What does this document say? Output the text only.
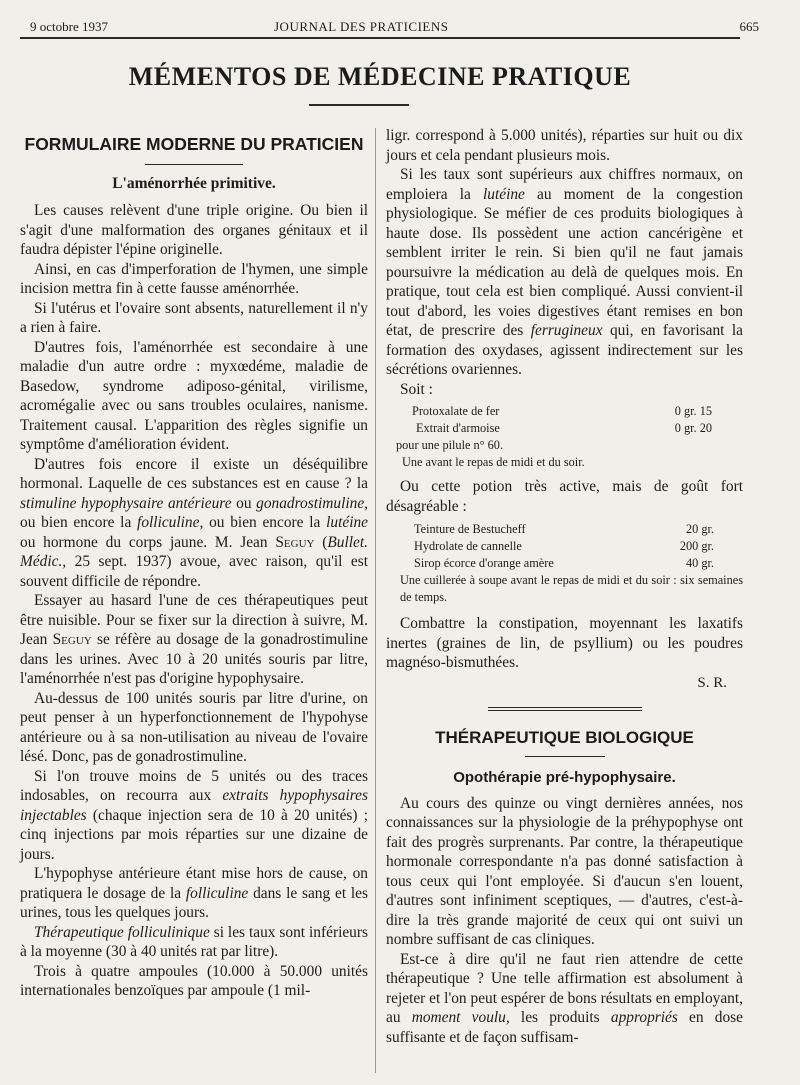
9 octobre 1937	JOURNAL DES PRATICIENS	665
MÉMENTOS DE MÉDECINE PRATIQUE
FORMULAIRE MODERNE DU PRATICIEN
L'aménorrhée primitive.

Les causes relèvent d'une triple origine. Ou bien il s'agit d'une malformation des organes génitaux et il faudra dépister l'épine originelle.

Ainsi, en cas d'imperforation de l'hymen, une simple incision mettra fin à cette fausse aménorrhée.

Si l'utérus et l'ovaire sont absents, naturellement il n'y a rien à faire.

D'autres fois, l'aménorrhée est secondaire à une maladie d'un autre ordre : myxœdéme, maladie de Basedow, syndrome adiposo-génital, virilisme, acromégalie avec ou sans troubles oculaires, nanisme. Traitement causal. L'apparition des règles signifie un symptôme d'amélioration évident.

D'autres fois encore il existe un déséquilibre hormonal. Laquelle de ces substances est en cause ? la stimuline hypophysaire antérieure ou gonadrostimuline, ou bien encore la folliculine, ou bien encore la lutéine ou hormone du corps jaune. M. Jean Seguy (Bullet. Médic., 25 sept. 1937) avoue, avec raison, qu'il est souvent difficile de répondre.

Essayer au hasard l'une de ces thérapeutiques peut être nuisible. Pour se fixer sur la direction à suivre, M. Jean Seguy se réfère au dosage de la gonadrostimuline dans les urines. Avec 10 à 20 unités souris par litre, l'aménorrhée n'est pas d'origine hypophysaire.

Au-dessus de 100 unités souris par litre d'urine, on peut penser à un hyperfonctionnement de l'hypohyse antérieure ou à sa non-utilisation au niveau de l'ovaire lésé. Donc, pas de gonadrostimuline.

Si l'on trouve moins de 5 unités ou des traces indosables, on recourra aux extraits hypophysaires injectables (chaque injection sera de 10 à 20 unités) ; cinq injections par mois réparties sur une dizaine de jours.

L'hypophyse antérieure étant mise hors de cause, on pratiquera le dosage de la folliculine dans le sang et les urines, tous les quelques jours.

Thérapeutique folliculinique si les taux sont inférieurs à la moyenne (30 à 40 unités rat par litre).

Trois à quatre ampoules (10.000 à 50.000 unités internationales benzoïques par ampoule (1 mil-

ligr. correspond à 5.000 unités), réparties sur huit ou dix jours et cela pendant plusieurs mois.

Si les taux sont supérieurs aux chiffres normaux, on emploiera la lutéine au moment de la congestion physiologique. Se méfier de ces produits biologiques à haute dose. Ils possèdent une action cancérigène et semblent irriter le rein. Si bien qu'il ne faut jamais poursuivre la médication au delà de quelques mois. En pratique, tout cela est bien compliqué. Aussi convient-il tout d'abord, les voies digestives étant remises en bon état, de prescrire des ferrugineux qui, en favorisant la formation des oxydases, agissent indirectement sur les sécrétions ovariennes.

Soit :

Protoxalate de fer	0 gr. 15
Extrait d'armoise	0 gr. 20
pour une pilule n° 60.
Une avant le repas de midi et du soir.

Ou cette potion très active, mais de goût fort désagréable :

Teinture de Bestucheff	20 gr.
Hydrolate de cannelle	200 gr.
Sirop écorce d'orange amère	40 gr.
Une cuillerée à soupe avant le repas de midi et du soir : six semaines de temps.

Combattre la constipation, moyennant les laxatifs inertes (graines de lin, de psyllium) ou les poudres magnéso-bismuthées.

S. R.
THÉRAPEUTIQUE BIOLOGIQUE
Opothérapie pré-hypophysaire.

Au cours des quinze ou vingt dernières années, nos connaissances sur la physiologie de la préhypophyse ont fait des progrès surprenants. Par contre, la thérapeutique hormonale correspondante n'a pas donné satisfaction à tous ceux qui l'ont employée. Si d'aucun s'en louent, d'autres sont infiniment sceptiques, — d'autres, c'est-à-dire la très grande majorité de ceux qui ont suivi un nombre suffisant de cas cliniques.

Est-ce à dire qu'il ne faut rien attendre de cette thérapeutique ? Une telle affirmation est absolument à rejeter et l'on peut espérer de bons résultats en employant, au moment voulu, les produits appropriés en dose suffisante et de façon suffisam-
